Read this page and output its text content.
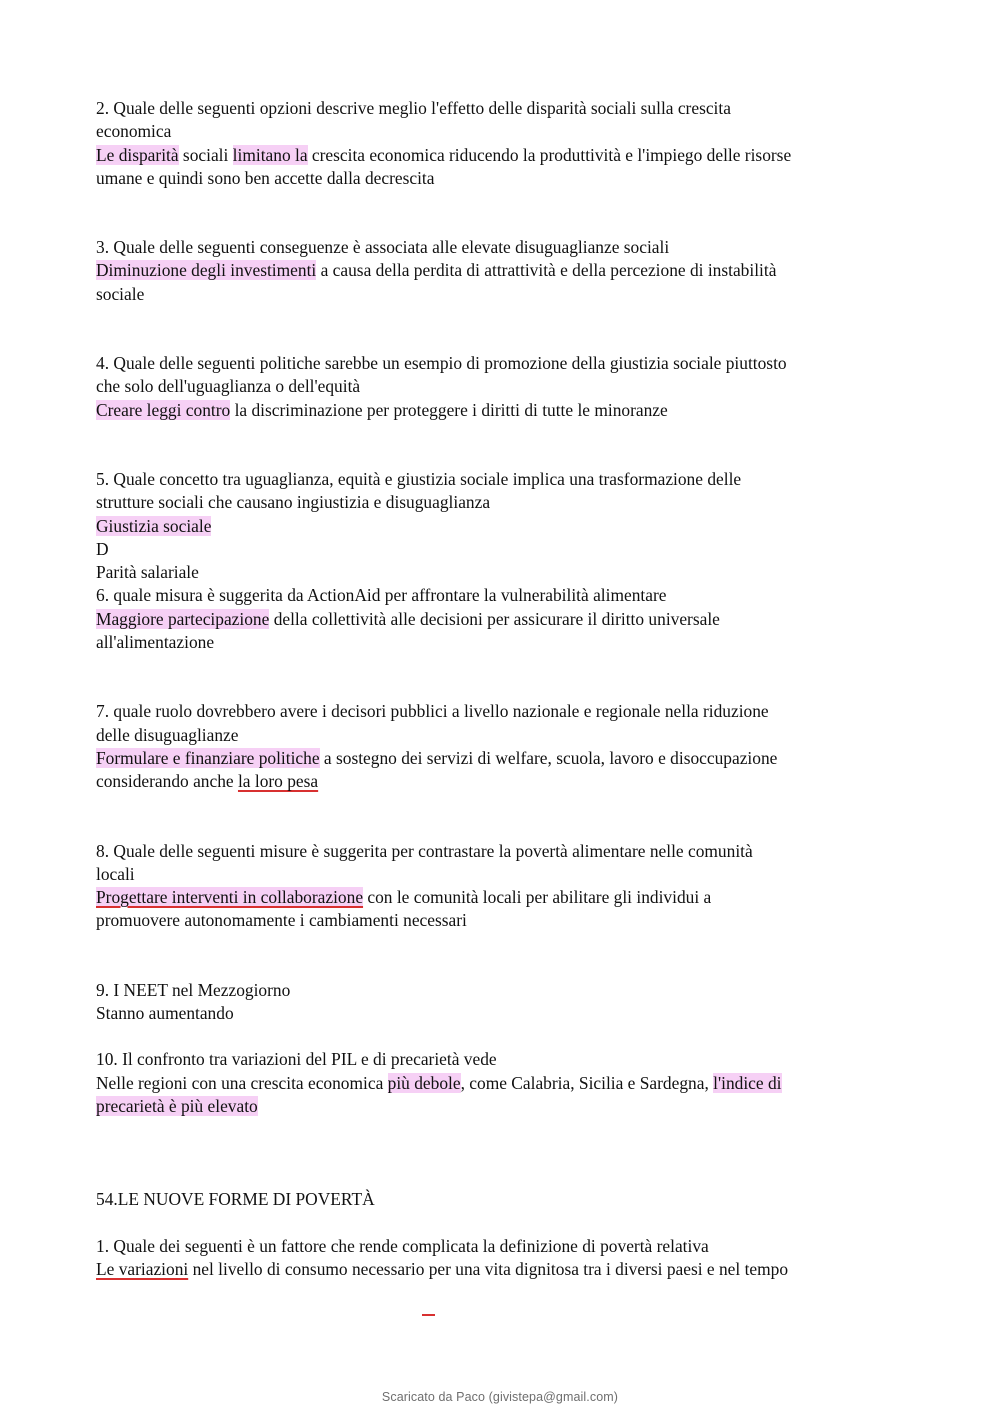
2. Quale delle seguenti opzioni descrive meglio l'effetto delle disparità sociali sulla crescita
economica
Le disparità sociali limitano la crescita economica riducendo la produttività e l'impiego delle risorse
umane e quindi sono ben accette dalla decrescita
3. Quale delle seguenti conseguenze è associata alle elevate disuguaglianze sociali
Diminuzione degli investimenti a causa della perdita di attrattività e della percezione di instabilità
sociale
4. Quale delle seguenti politiche sarebbe un esempio di promozione della giustizia sociale piuttosto
che solo dell'uguaglianza o dell'equità
Creare leggi contro la discriminazione per proteggere i diritti di tutte le minoranze
5. Quale concetto tra uguaglianza, equità e giustizia sociale implica una trasformazione delle
strutture sociali che causano ingiustizia e disuguaglianza
Giustizia sociale
D
Parità salariale
6. quale misura è suggerita da ActionAid per affrontare la vulnerabilità alimentare
Maggiore partecipazione della collettività alle decisioni per assicurare il diritto universale
all'alimentazione
7. quale ruolo dovrebbero avere i decisori pubblici a livello nazionale e regionale nella riduzione
delle disuguaglianze
Formulare e finanziare politiche a sostegno dei servizi di welfare, scuola, lavoro e disoccupazione
considerando anche la loro pesa
8. Quale delle seguenti misure è suggerita per contrastare la povertà alimentare nelle comunità
locali
Progettare interventi in collaborazione con le comunità locali per abilitare gli individui a
promuovere autonomamente i cambiamenti necessari
9. I NEET nel Mezzogiorno
Stanno aumentando
10. Il confronto tra variazioni del PIL e di precarietà vede
Nelle regioni con una crescita economica più debole, come Calabria, Sicilia e Sardegna, l'indice di
precarietà è più elevato
54.LE NUOVE FORME DI POVERTÀ
1. Quale dei seguenti è un fattore che rende complicata la definizione di povertà relativa
Le variazioni nel livello di consumo necessario per una vita dignitosa tra i diversi paesi e nel tempo
Scaricato da Paco (givistepa@gmail.com)
